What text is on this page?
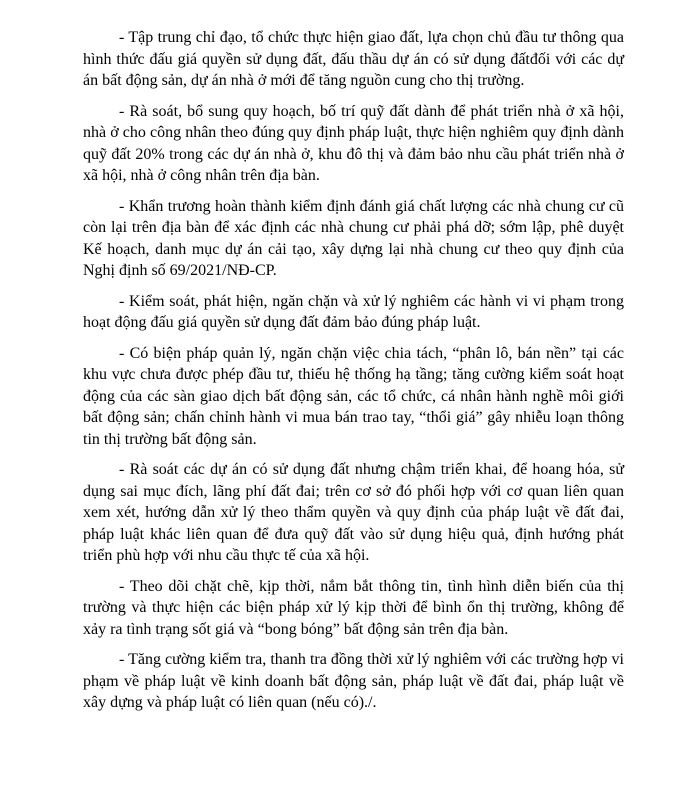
- Tập trung chỉ đạo, tổ chức thực hiện giao đất, lựa chọn chủ đầu tư thông qua hình thức đấu giá quyền sử dụng đất, đấu thầu dự án có sử dụng đấtđối với các dự án bất động sản, dự án nhà ở mới để tăng nguồn cung cho thị trường.

- Rà soát, bổ sung quy hoạch, bố trí quỹ đất dành để phát triển nhà ở xã hội, nhà ở cho công nhân theo đúng quy định pháp luật, thực hiện nghiêm quy định dành quỹ đất 20% trong các dự án nhà ở, khu đô thị và đảm bảo nhu cầu phát triển nhà ở xã hội, nhà ở công nhân trên địa bàn.

- Khẩn trương hoàn thành kiểm định đánh giá chất lượng các nhà chung cư cũ còn lại trên địa bàn để xác định các nhà chung cư phải phá dỡ; sớm lập, phê duyệt Kế hoạch, danh mục dự án cải tạo, xây dựng lại nhà chung cư theo quy định của Nghị định số 69/2021/NĐ-CP.

- Kiểm soát, phát hiện, ngăn chặn và xử lý nghiêm các hành vi vi phạm trong hoạt động đấu giá quyền sử dụng đất đảm bảo đúng pháp luật.

- Có biện pháp quản lý, ngăn chặn việc chia tách, “phân lô, bán nền” tại các khu vực chưa được phép đầu tư, thiếu hệ thống hạ tầng; tăng cường kiểm soát hoạt động của các sàn giao dịch bất động sản, các tổ chức, cá nhân hành nghề môi giới bất động sản; chấn chỉnh hành vi mua bán trao tay, “thổi giá” gây nhiễu loạn thông tin thị trường bất động sản.

- Rà soát các dự án có sử dụng đất nhưng chậm triển khai, để hoang hóa, sử dụng sai mục đích, lãng phí đất đai; trên cơ sở đó phối hợp với cơ quan liên quan xem xét, hướng dẫn xử lý theo thẩm quyền và quy định của pháp luật về đất đai, pháp luật khác liên quan để đưa quỹ đất vào sử dụng hiệu quả, định hướng phát triển phù hợp với nhu cầu thực tế của xã hội.

- Theo dõi chặt chẽ, kịp thời, nắm bắt thông tin, tình hình diễn biến của thị trường và thực hiện các biện pháp xử lý kịp thời để bình ổn thị trường, không để xảy ra tình trạng sốt giá và “bong bóng” bất động sản trên địa bàn.

- Tăng cường kiểm tra, thanh tra đồng thời xử lý nghiêm với các trường hợp vi phạm về pháp luật về kinh doanh bất động sản, pháp luật về đất đai, pháp luật về xây dựng và pháp luật có liên quan (nếu có)./.
